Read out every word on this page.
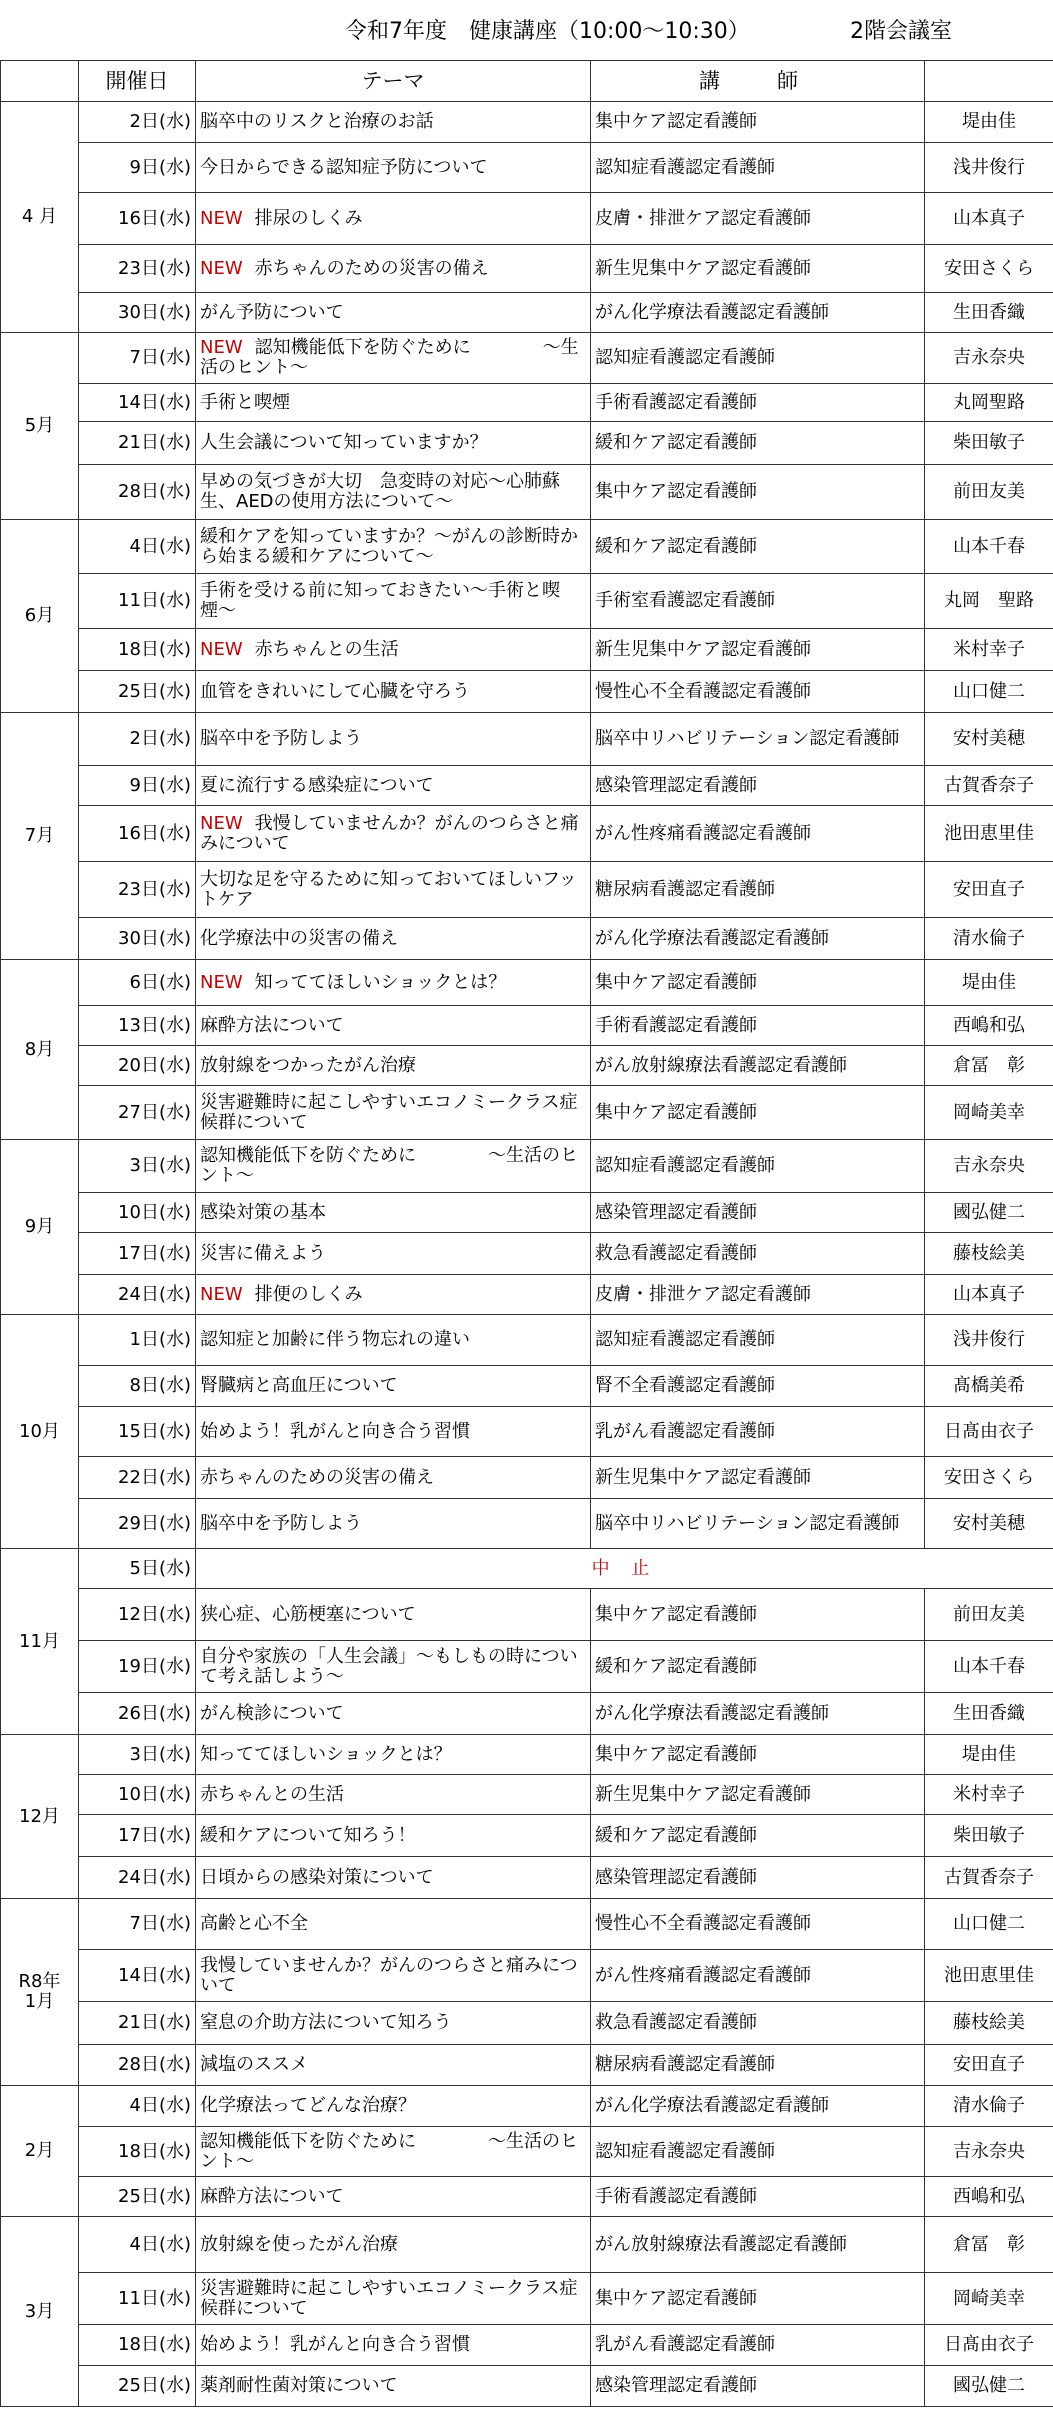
令和7年度　健康講座（10:00〜10:30）	2階会議室
	開催日	テーマ	講　師	
4 月	2日(水)	脳卒中のリスクと治療のお話	集中ケア認定看護師	堤由佳
	9日(水)	今日からできる認知症予防について	認知症看護認定看護師	浅井俊行
	16日(水)	NEW 排尿のしくみ	皮膚・排泄ケア認定看護師	山本真子
	23日(水)	NEW 赤ちゃんのための災害の備え	新生児集中ケア認定看護師	安田さくら
	30日(水)	がん予防について	がん化学療法看護認定看護師	生田香織
5月	7日(水)	NEW 認知機能低下を防ぐために　　　　〜生活のヒント〜	認知症看護認定看護師	吉永奈央
	14日(水)	手術と喫煙	手術看護認定看護師	丸岡聖路
	21日(水)	人生会議について知っていますか？	緩和ケア認定看護師	柴田敏子
	28日(水)	早めの気づきが大切　急変時の対応〜心肺蘇生、AEDの使用方法について〜	集中ケア認定看護師	前田友美
6月	4日(水)	緩和ケアを知っていますか？〜がんの診断時から始まる緩和ケアについて〜	緩和ケア認定看護師	山本千春
	11日(水)	手術を受ける前に知っておきたい〜手術と喫煙〜	手術室看護認定看護師	丸岡　聖路
	18日(水)	NEW 赤ちゃんとの生活	新生児集中ケア認定看護師	米村幸子
	25日(水)	血管をきれいにして心臓を守ろう	慢性心不全看護認定看護師	山口健二
7月	2日(水)	脳卒中を予防しよう	脳卒中リハビリテーション認定看護師	安村美穂
	9日(水)	夏に流行する感染症について	感染管理認定看護師	古賀香奈子
	16日(水)	NEW 我慢していませんか？がんのつらさと痛みについて	がん性疼痛看護認定看護師	池田恵里佳
	23日(水)	大切な足を守るために知っておいてほしいフットケア	糖尿病看護認定看護師	安田直子
	30日(水)	化学療法中の災害の備え	がん化学療法看護認定看護師	清水倫子
8月	6日(水)	NEW 知っててほしいショックとは？	集中ケア認定看護師	堤由佳
	13日(水)	麻酔方法について	手術看護認定看護師	西嶋和弘
	20日(水)	放射線をつかったがん治療	がん放射線療法看護認定看護師	倉冨　彰
	27日(水)	災害避難時に起こしやすいエコノミークラス症候群について	集中ケア認定看護師	岡崎美幸
9月	3日(水)	認知機能低下を防ぐために　　　　〜生活のヒント〜	認知症看護認定看護師	吉永奈央
	10日(水)	感染対策の基本	感染管理認定看護師	國弘健二
	17日(水)	災害に備えよう	救急看護認定看護師	藤枝絵美
	24日(水)	NEW 排便のしくみ	皮膚・排泄ケア認定看護師	山本真子
10月	1日(水)	認知症と加齢に伴う物忘れの違い	認知症看護認定看護師	浅井俊行
	8日(水)	腎臓病と高血圧について	腎不全看護認定看護師	髙橋美希
	15日(水)	始めよう！乳がんと向き合う習慣	乳がん看護認定看護師	日髙由衣子
	22日(水)	赤ちゃんのための災害の備え	新生児集中ケア認定看護師	安田さくら
	29日(水)	脳卒中を予防しよう	脳卒中リハビリテーション認定看護師	安村美穂
11月	5日(水)	中 止		
	12日(水)	狭心症、心筋梗塞について	集中ケア認定看護師	前田友美
	19日(水)	自分や家族の「人生会議」〜もしもの時について考え話しよう〜	緩和ケア認定看護師	山本千春
	26日(水)	がん検診について	がん化学療法看護認定看護師	生田香織
12月	3日(水)	知っててほしいショックとは？	集中ケア認定看護師	堤由佳
	10日(水)	赤ちゃんとの生活	新生児集中ケア認定看護師	米村幸子
	17日(水)	緩和ケアについて知ろう！	緩和ケア認定看護師	柴田敏子
	24日(水)	日頃からの感染対策について	感染管理認定看護師	古賀香奈子
R8年
1月	7日(水)	高齢と心不全	慢性心不全看護認定看護師	山口健二
	14日(水)	我慢していませんか？がんのつらさと痛みについて	がん性疼痛看護認定看護師	池田恵里佳
	21日(水)	窒息の介助方法について知ろう	救急看護認定看護師	藤枝絵美
	28日(水)	減塩のススメ	糖尿病看護認定看護師	安田直子
2月	4日(水)	化学療法ってどんな治療？	がん化学療法看護認定看護師	清水倫子
	18日(水)	認知機能低下を防ぐために　　　　〜生活のヒント〜	認知症看護認定看護師	吉永奈央
	25日(水)	麻酔方法について	手術看護認定看護師	西嶋和弘
3月	4日(水)	放射線を使ったがん治療	がん放射線療法看護認定看護師	倉冨　彰
	11日(水)	災害避難時に起こしやすいエコノミークラス症候群について	集中ケア認定看護師	岡崎美幸
	18日(水)	始めよう！乳がんと向き合う習慣	乳がん看護認定看護師	日髙由衣子
	25日(水)	薬剤耐性菌対策について	感染管理認定看護師	國弘健二
